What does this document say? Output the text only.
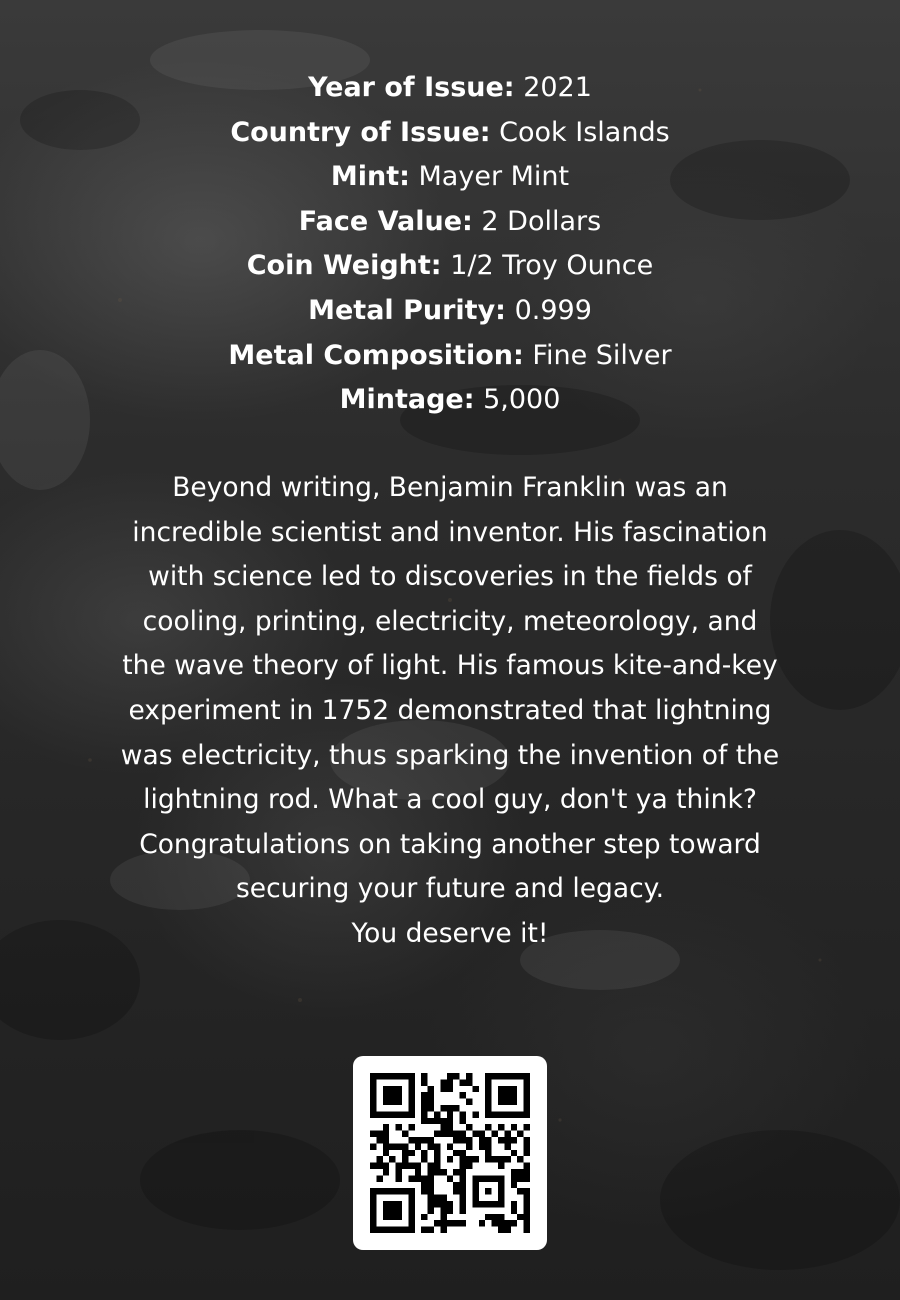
Year of Issue: 2021
Country of Issue: Cook Islands
Mint: Mayer Mint
Face Value: 2 Dollars
Coin Weight: 1/2 Troy Ounce
Metal Purity: 0.999
Metal Composition: Fine Silver
Mintage: 5,000
Beyond writing, Benjamin Franklin was an
incredible scientist and inventor. His fascination
with science led to discoveries in the fields of
cooling, printing, electricity, meteorology, and
the wave theory of light. His famous kite-and-key
experiment in 1752 demonstrated that lightning
was electricity, thus sparking the invention of the
lightning rod. What a cool guy, don't ya think?
Congratulations on taking another step toward
securing your future and legacy.
You deserve it!
